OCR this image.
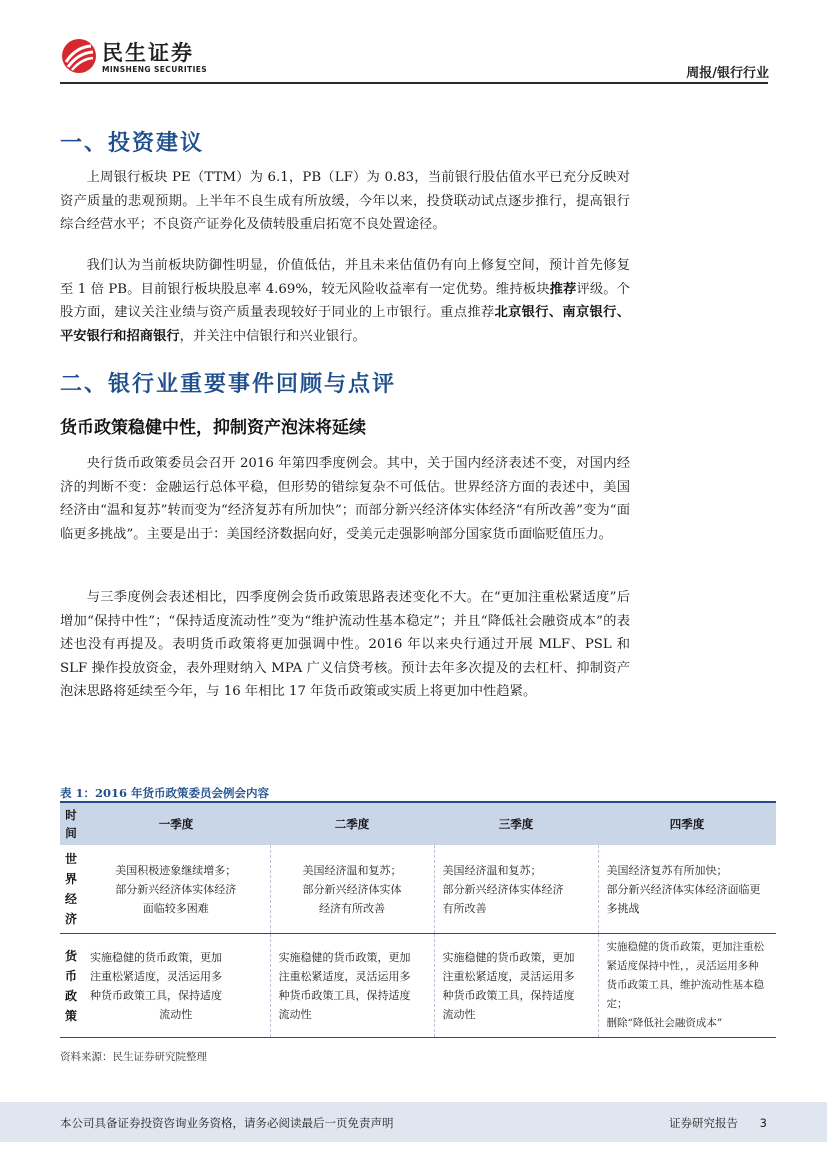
民生证券
MINSHENG SECURITIES	周报/银行行业
一、投资建议

上周银行板块 PE（TTM）为 6.1，PB（LF）为 0.83，当前银行股估值水平已充分反映对资产质量的悲观预期。上半年不良生成有所放缓，今年以来，投贷联动试点逐步推行，提高银行综合经营水平；不良资产证券化及债转股重启拓宽不良处置途径。

我们认为当前板块防御性明显，价值低估，并且未来估值仍有向上修复空间，预计首先修复至 1 倍 PB。目前银行板块股息率 4.69%，较无风险收益率有一定优势。维持板块推荐评级。个股方面，建议关注业绩与资产质量表现较好于同业的上市银行。重点推荐北京银行、南京银行、平安银行和招商银行，并关注中信银行和兴业银行。

二、银行业重要事件回顾与点评
货币政策稳健中性，抑制资产泡沫将延续

央行货币政策委员会召开 2016 年第四季度例会。其中，关于国内经济表述不变，对国内经济的判断不变：金融运行总体平稳，但形势的错综复杂不可低估。世界经济方面的表述中，美国经济由“温和复苏”转而变为“经济复苏有所加快”；而部分新兴经济体实体经济“有所改善”变为“面临更多挑战”。主要是出于：美国经济数据向好，受美元走强影响部分国家货币面临贬值压力。

与三季度例会表述相比，四季度例会货币政策思路表述变化不大。在“更加注重松紧适度”后增加“保持中性”；“保持适度流动性”变为“维护流动性基本稳定”；并且“降低社会融资成本”的表述也没有再提及。表明货币政策将更加强调中性。2016 年以来央行通过开展 MLF、PSL 和 SLF 操作投放资金，表外理财纳入 MPA 广义信贷考核。预计去年多次提及的去杠杆、抑制资产泡沫思路将延续至今年，与 16 年相比 17 年货币政策或实质上将更加中性趋紧。

表 1：2016 年货币政策委员会例会内容
时
间	一季度	二季度	三季度	四季度

世
界
经
济	美国积极迹象继续增多；
部分新兴经济体实体经济
面临较多困难	美国经济温和复苏；
部分新兴经济体实体
经济有所改善	美国经济温和复苏；
部分新兴经济体实体经济
有所改善	美国经济复苏有所加快；
部分新兴经济体实体经济面临更
多挑战

货
币
政
策	实施稳健的货币政策，更加
注重松紧适度，灵活运用多
种货币政策工具，保持适度
流动性	实施稳健的货币政策，更加
注重松紧适度，灵活运用多
种货币政策工具，保持适度
流动性	实施稳健的货币政策，更加
注重松紧适度，灵活运用多
种货币政策工具，保持适度
流动性	实施稳健的货币政策，更加注重松
紧适度保持中性，，灵活运用多种
货币政策工具，维护流动性基本稳
定；
删除“降低社会融资成本”
资料来源：民生证券研究院整理
本公司具备证券投资咨询业务资格，请务必阅读最后一页免责声明	证券研究报告 3
